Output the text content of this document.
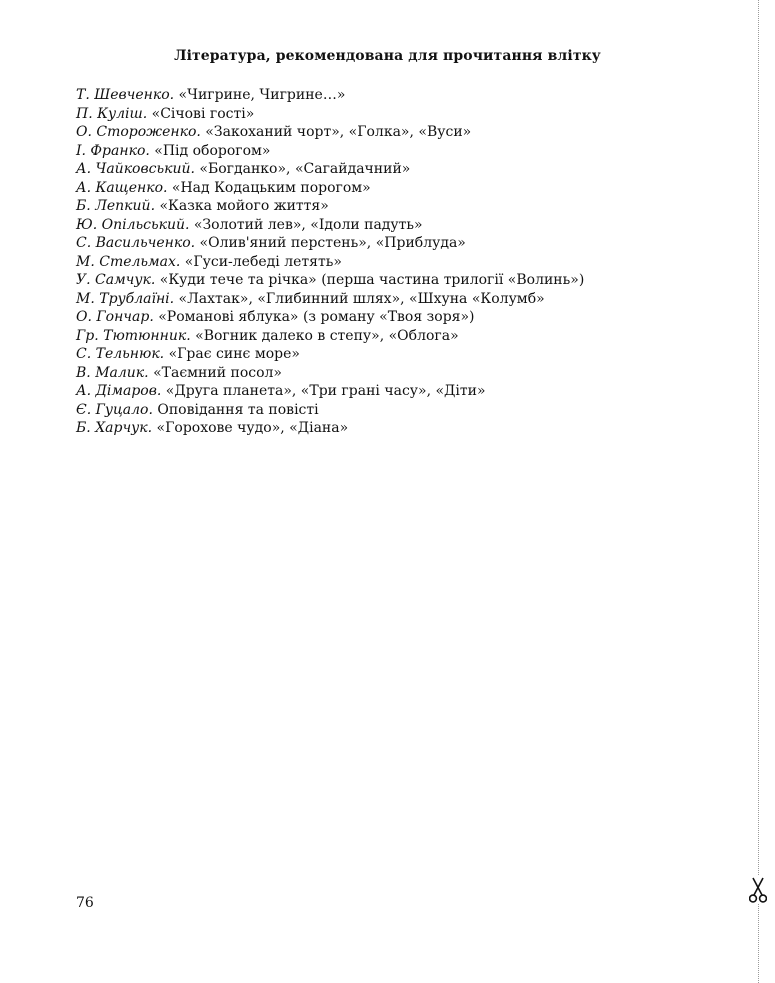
Література, рекомендована для прочитання влітку
Т. Шевченко. «Чигрине, Чигрине…»
П. Куліш. «Січові гості»
О. Стороженко. «Закоханий чорт», «Голка», «Вуси»
І. Франко. «Під оборогом»
А. Чайковський. «Богданко», «Сагайдачний»
А. Кащенко. «Над Кодацьким порогом»
Б. Лепкий. «Казка мойого життя»
Ю. Опільський. «Золотий лев», «Ідоли падуть»
С. Васильченко. «Олив'яний перстень», «Приблуда»
М. Стельмах. «Гуси-лебеді летять»
У. Самчук. «Куди тече та річка» (перша частина трилогії «Волинь»)
М. Трублаїні. «Лахтак», «Глибинний шлях», «Шхуна «Колумб»
О. Гончар. «Романові яблука» (з роману «Твоя зоря»)
Гр. Тютюнник. «Вогник далеко в степу», «Облога»
С. Тельнюк. «Грає синє море»
В. Малик. «Таємний посол»
А. Дімаров. «Друга планета», «Три грані часу», «Діти»
Є. Гуцало. Оповідання та повісті
Б. Харчук. «Горохове чудо», «Діана»
76
